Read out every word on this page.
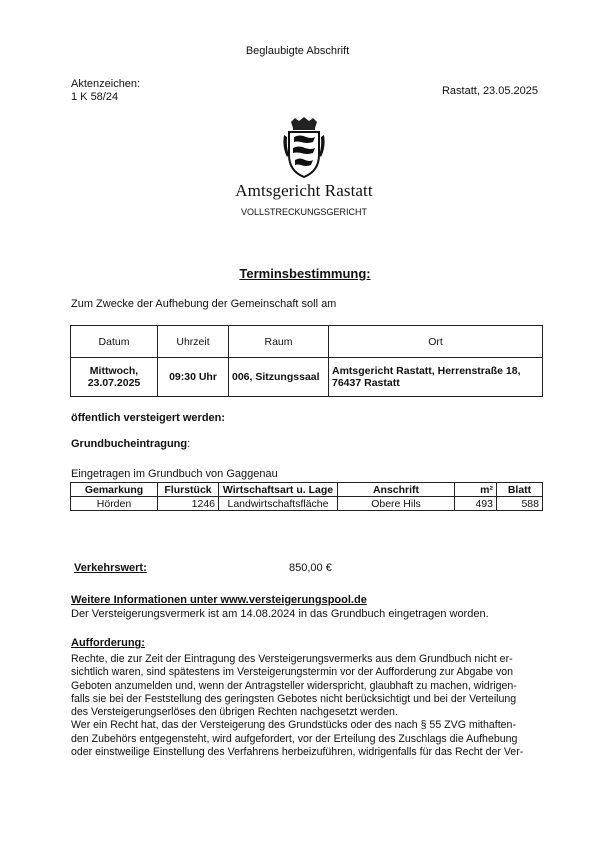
Beglaubigte Abschrift
Aktenzeichen:
1 K 58/24	Rastatt, 23.05.2025
Amtsgericht Rastatt
VOLLSTRECKUNGSGERICHT
Terminsbestimmung:
Zum Zwecke der Aufhebung der Gemeinschaft soll am
Datum	Uhrzeit	Raum	Ort
Mittwoch,
23.07.2025	09:30 Uhr	006, Sitzungssaal	Amtsgericht Rastatt, Herrenstraße 18,
76437 Rastatt
öffentlich versteigert werden:
Grundbucheintragung:
Eingetragen im Grundbuch von Gaggenau
Gemarkung	Flurstück	Wirtschaftsart u. Lage	Anschrift	m²	Blatt
Hörden	1246	Landwirtschaftsfläche	Obere Hils	493	588
Verkehrswert:	850,00 €
Weitere Informationen unter www.versteigerungspool.de
Der Versteigerungsvermerk ist am 14.08.2024 in das Grundbuch eingetragen worden.
Aufforderung:

Rechte, die zur Zeit der Eintragung des Versteigerungsvermerks aus dem Grundbuch nicht er-

sichtlich waren, sind spätestens im Versteigerungstermin vor der Aufforderung zur Abgabe von

Geboten anzumelden und, wenn der Antragsteller widerspricht, glaubhaft zu machen, widrigen-

falls sie bei der Feststellung des geringsten Gebotes nicht berücksichtigt und bei der Verteilung

des Versteigerungserlöses den übrigen Rechten nachgesetzt werden.

Wer ein Recht hat, das der Versteigerung des Grundstücks oder des nach § 55 ZVG mithaften-

den Zubehörs entgegensteht, wird aufgefordert, vor der Erteilung des Zuschlags die Aufhebung

oder einstweilige Einstellung des Verfahrens herbeizuführen, widrigenfalls für das Recht der Ver-
